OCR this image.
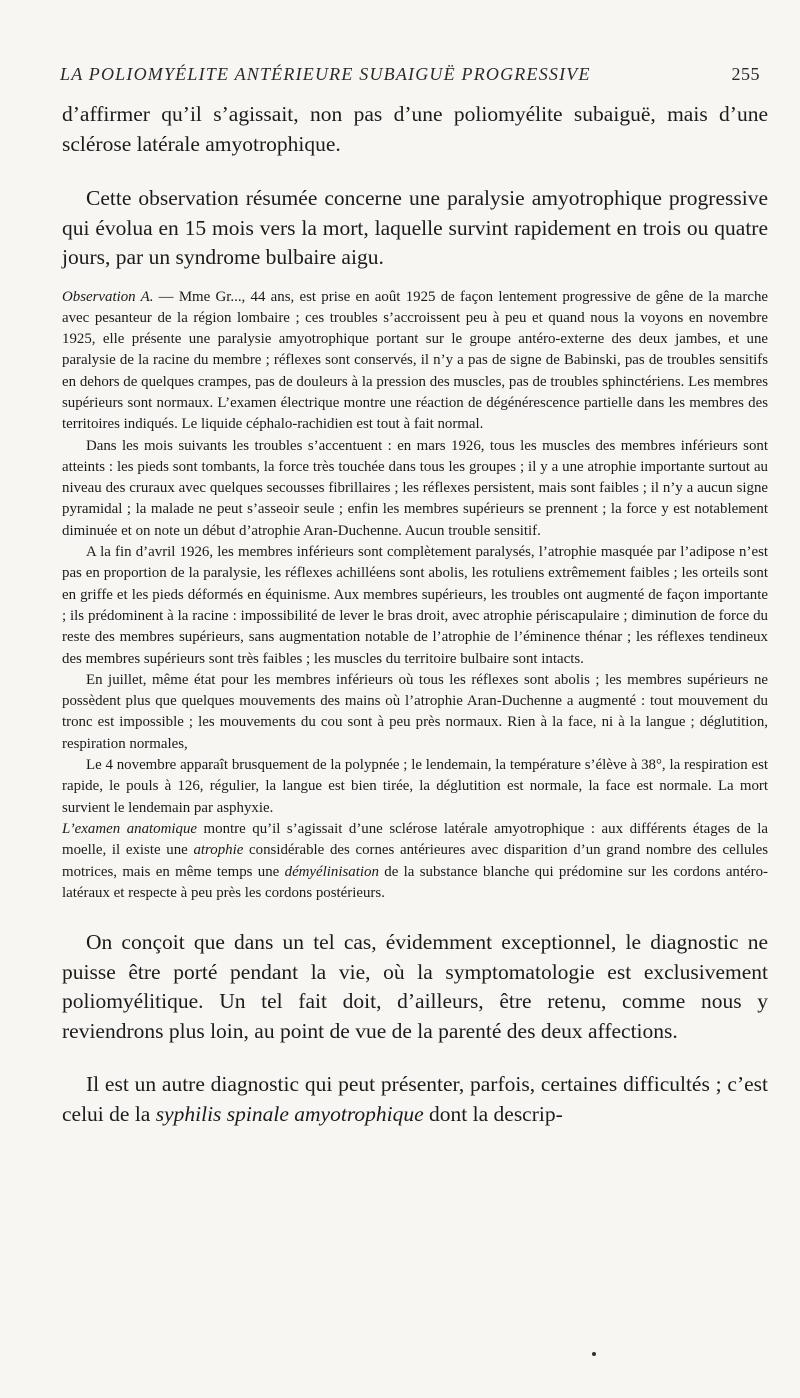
LA POLIOMYÉLITE ANTÉRIEURE SUBAIGUË PROGRESSIVE	255

d’affirmer qu’il s’agissait, non pas d’une poliomyélite subaiguë, mais d’une sclérose latérale amyotrophique.

Cette observation résumée concerne une paralysie amyotrophique progressive qui évolua en 15 mois vers la mort, laquelle survint rapidement en trois ou quatre jours, par un syndrome bulbaire aigu.

Observation A. — Mme Gr..., 44 ans, est prise en août 1925 de façon lentement progressive de gêne de la marche avec pesanteur de la région lombaire ; ces troubles s’accroissent peu à peu et quand nous la voyons en novembre 1925, elle présente une paralysie amyotrophique portant sur le groupe antéro-externe des deux jambes, et une paralysie de la racine du membre ; réflexes sont conservés, il n’y a pas de signe de Babinski, pas de troubles sensitifs en dehors de quelques crampes, pas de douleurs à la pression des muscles, pas de troubles sphinctériens. Les membres supérieurs sont normaux. L’examen électrique montre une réaction de dégénérescence partielle dans les membres des territoires indiqués. Le liquide céphalo-rachidien est tout à fait normal.

Dans les mois suivants les troubles s’accentuent : en mars 1926, tous les muscles des membres inférieurs sont atteints : les pieds sont tombants, la force très touchée dans tous les groupes ; il y a une atrophie importante surtout au niveau des cruraux avec quelques secousses fibrillaires ; les réflexes persistent, mais sont faibles ; il n’y a aucun signe pyramidal ; la malade ne peut s’asseoir seule ; enfin les membres supérieurs se prennent ; la force y est notablement diminuée et on note un début d’atrophie Aran-Duchenne. Aucun trouble sensitif.

A la fin d’avril 1926, les membres inférieurs sont complètement paralysés, l’atrophie masquée par l’adipose n’est pas en proportion de la paralysie, les réflexes achilléens sont abolis, les rotuliens extrêmement faibles ; les orteils sont en griffe et les pieds déformés en équinisme. Aux membres supérieurs, les troubles ont augmenté de façon importante ; ils prédominent à la racine : impossibilité de lever le bras droit, avec atrophie périscapulaire ; diminution de force du reste des membres supérieurs, sans augmentation notable de l’atrophie de l’éminence thénar ; les réflexes tendineux des membres supérieurs sont très faibles ; les muscles du territoire bulbaire sont intacts.

En juillet, même état pour les membres inférieurs où tous les réflexes sont abolis ; les membres supérieurs ne possèdent plus que quelques mouvements des mains où l’atrophie Aran-Duchenne a augmenté : tout mouvement du tronc est impossible ; les mouvements du cou sont à peu près normaux. Rien à la face, ni à la langue ; déglutition, respiration normales,

Le 4 novembre apparaît brusquement de la polypnée ; le lendemain, la température s’élève à 38°, la respiration est rapide, le pouls à 126, régulier, la langue est bien tirée, la déglutition est normale, la face est normale. La mort survient le lendemain par asphyxie.

L’examen anatomique montre qu’il s’agissait d’une sclérose latérale amyotrophique : aux différents étages de la moelle, il existe une atrophie considérable des cornes antérieures avec disparition d’un grand nombre des cellules motrices, mais en même temps une démyélinisation de la substance blanche qui prédomine sur les cordons antéro-latéraux et respecte à peu près les cordons postérieurs.

On conçoit que dans un tel cas, évidemment exceptionnel, le diagnostic ne puisse être porté pendant la vie, où la symptomatologie est exclusivement poliomyélitique. Un tel fait doit, d’ailleurs, être retenu, comme nous y reviendrons plus loin, au point de vue de la parenté des deux affections.

Il est un autre diagnostic qui peut présenter, parfois, certaines difficultés ; c’est celui de la syphilis spinale amyotrophique dont la descrip-
